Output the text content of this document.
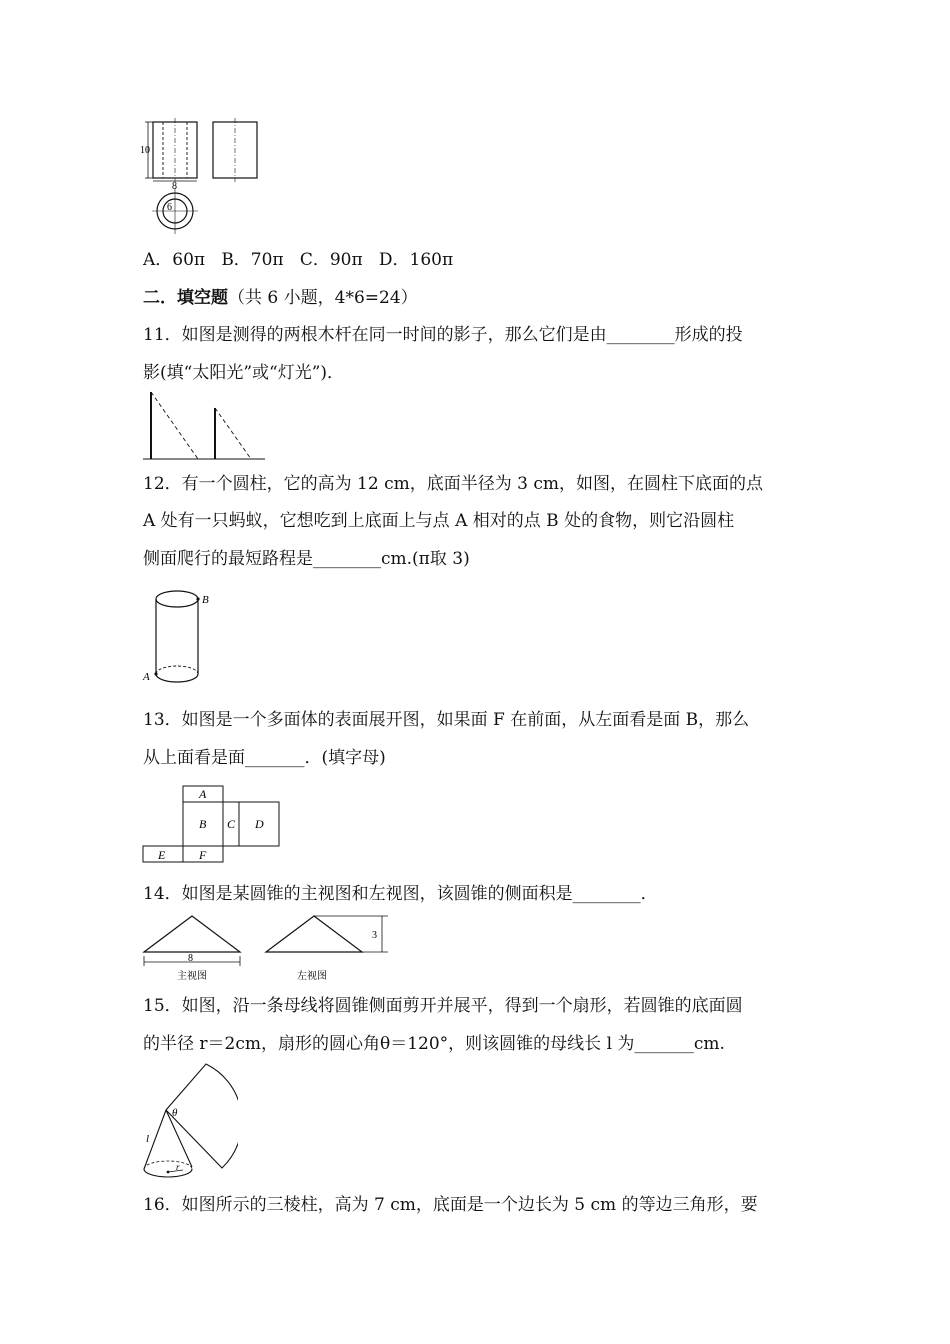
10
8
6
A．60π B．70π C．90π D．160π
二．填空题（共 6 小题，4*6=24）
11．如图是测得的两根木杆在同一时间的影子，那么它们是由________形成的投
影(填“太阳光”或“灯光”)．
12．有一个圆柱，它的高为 12 cm，底面半径为 3 cm，如图，在圆柱下底面的点
A 处有一只蚂蚁，它想吃到上底面上与点 A 相对的点 B 处的食物，则它沿圆柱
侧面爬行的最短路程是________cm.(π取 3)
B
A
13．如图是一个多面体的表面展开图，如果面 F 在前面，从左面看是面 B，那么
从上面看是面_______．(填字母)
A
B C D
E	F
14．如图是某圆锥的主视图和左视图，该圆锥的侧面积是________．
8
主视图
3
左视图
15．如图，沿一条母线将圆锥侧面剪开并展平，得到一个扇形，若圆锥的底面圆
的半径 r＝2cm，扇形的圆心角θ＝120°，则该圆锥的母线长 l 为_______cm.
θ
l
r
16．如图所示的三棱柱，高为 7 cm，底面是一个边长为 5 cm 的等边三角形，要
